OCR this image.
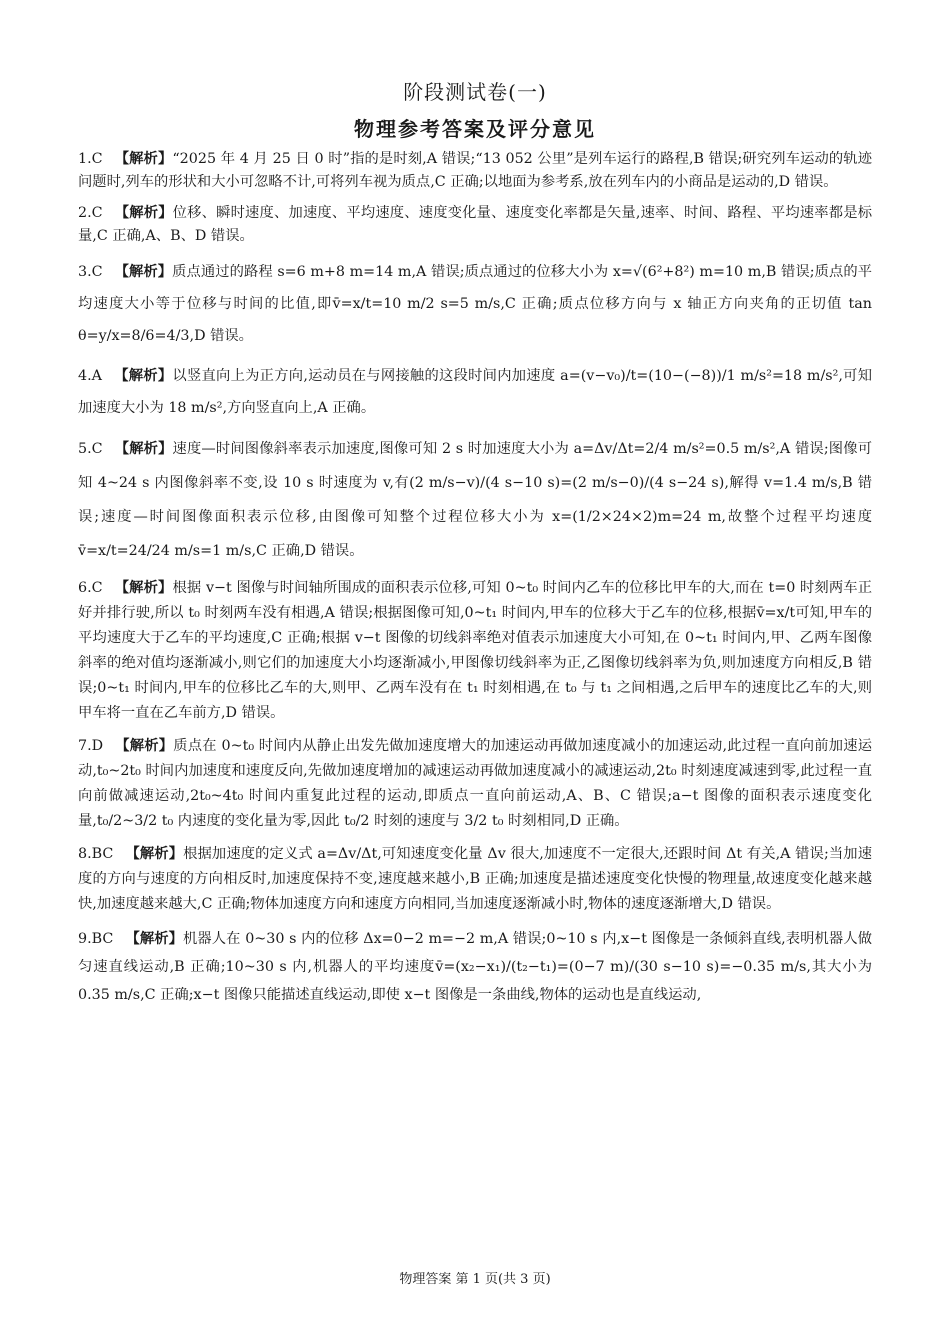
阶段测试卷(一)
物理参考答案及评分意见

1.C 【解析】“2025 年 4 月 25 日 0 时”指的是时刻,A 错误;“13 052 公里”是列车运行的路程,B 错误;研究列车运动的轨迹问题时,列车的形状和大小可忽略不计,可将列车视为质点,C 正确;以地面为参考系,放在列车内的小商品是运动的,D 错误。

2.C 【解析】位移、瞬时速度、加速度、平均速度、速度变化量、速度变化率都是矢量,速率、时间、路程、平均速率都是标量,C 正确,A、B、D 错误。

3.C 【解析】质点通过的路程 s=6 m+8 m=14 m,A 错误;质点通过的位移大小为 x=√(6²+8²) m=10 m,B 错误;质点的平均速度大小等于位移与时间的比值,即v̄=x/t=10 m/2 s=5 m/s,C 正确;质点位移方向与 x 轴正方向夹角的正切值 tan θ=y/x=8/6=4/3,D 错误。

4.A 【解析】以竖直向上为正方向,运动员在与网接触的这段时间内加速度 a=(v−v₀)/t=(10−(−8))/1 m/s²=18 m/s²,可知加速度大小为 18 m/s²,方向竖直向上,A 正确。

5.C 【解析】速度—时间图像斜率表示加速度,图像可知 2 s 时加速度大小为 a=Δv/Δt=2/4 m/s²=0.5 m/s²,A 错误;图像可知 4~24 s 内图像斜率不变,设 10 s 时速度为 v,有(2 m/s−v)/(4 s−10 s)=(2 m/s−0)/(4 s−24 s),解得 v=1.4 m/s,B 错误;速度—时间图像面积表示位移,由图像可知整个过程位移大小为 x=(1/2×24×2)m=24 m,故整个过程平均速度v̄=x/t=24/24 m/s=1 m/s,C 正确,D 错误。

6.C 【解析】根据 v−t 图像与时间轴所围成的面积表示位移,可知 0~t₀ 时间内乙车的位移比甲车的大,而在 t=0 时刻两车正好并排行驶,所以 t₀ 时刻两车没有相遇,A 错误;根据图像可知,0~t₁ 时间内,甲车的位移大于乙车的位移,根据v̄=x/t可知,甲车的平均速度大于乙车的平均速度,C 正确;根据 v−t 图像的切线斜率绝对值表示加速度大小可知,在 0~t₁ 时间内,甲、乙两车图像斜率的绝对值均逐渐减小,则它们的加速度大小均逐渐减小,甲图像切线斜率为正,乙图像切线斜率为负,则加速度方向相反,B 错误;0~t₁ 时间内,甲车的位移比乙车的大,则甲、乙两车没有在 t₁ 时刻相遇,在 t₀ 与 t₁ 之间相遇,之后甲车的速度比乙车的大,则甲车将一直在乙车前方,D 错误。

7.D 【解析】质点在 0~t₀ 时间内从静止出发先做加速度增大的加速运动再做加速度减小的加速运动,此过程一直向前加速运动,t₀~2t₀ 时间内加速度和速度反向,先做加速度增加的减速运动再做加速度减小的减速运动,2t₀ 时刻速度减速到零,此过程一直向前做减速运动,2t₀~4t₀ 时间内重复此过程的运动,即质点一直向前运动,A、B、C 错误;a−t 图像的面积表示速度变化量,t₀/2~3/2 t₀ 内速度的变化量为零,因此 t₀/2 时刻的速度与 3/2 t₀ 时刻相同,D 正确。

8.BC 【解析】根据加速度的定义式 a=Δv/Δt,可知速度变化量 Δv 很大,加速度不一定很大,还跟时间 Δt 有关,A 错误;当加速度的方向与速度的方向相反时,加速度保持不变,速度越来越小,B 正确;加速度是描述速度变化快慢的物理量,故速度变化越来越快,加速度越来越大,C 正确;物体加速度方向和速度方向相同,当加速度逐渐减小时,物体的速度逐渐增大,D 错误。

9.BC 【解析】机器人在 0~30 s 内的位移 Δx=0−2 m=−2 m,A 错误;0~10 s 内,x−t 图像是一条倾斜直线,表明机器人做匀速直线运动,B 正确;10~30 s 内,机器人的平均速度v̄=(x₂−x₁)/(t₂−t₁)=(0−7 m)/(30 s−10 s)=−0.35 m/s,其大小为 0.35 m/s,C 正确;x−t 图像只能描述直线运动,即使 x−t 图像是一条曲线,物体的运动也是直线运动,

物理答案 第 1 页(共 3 页)
